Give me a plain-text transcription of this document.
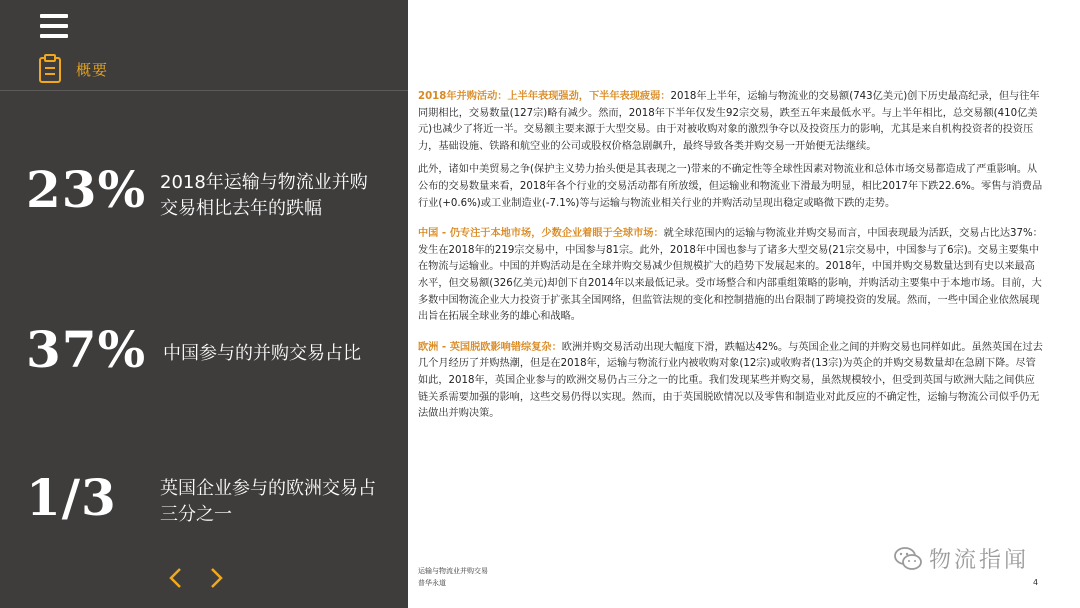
概要
23% 2018年运输与物流业并购
交易相比去年的跌幅
37% 中国参与的并购交易占比
1/3 英国企业参与的欧洲交易占
三分之一

2018年并购活动：上半年表现强劲，下半年表现疲弱：2018年上半年，运输与物流业的交易额(743亿美元)创下历史最高纪录，但与往年同期相比，交易数量(127宗)略有减少。然而，2018年下半年仅发生92宗交易，跌至五年来最低水平。与上半年相比，总交易额(410亿美元)也减少了将近一半。交易额主要来源于大型交易。由于对被收购对象的激烈争夺以及投资压力的影响，尤其是来自机构投资者的投资压力，基础设施、铁路和航空业的公司或股权价格急剧飙升，最终导致各类并购交易一开始便无法继续。

此外，诸如中美贸易之争(保护主义势力抬头便是其表现之一)带来的不确定性等全球性因素对物流业和总体市场交易都造成了严重影响。从公布的交易数量来看，2018年各个行业的交易活动都有所放缓，但运输业和物流业下滑最为明显，相比2017年下跌22.6%。零售与消费品行业(+0.6%)或工业制造业(-7.1%)等与运输与物流业相关行业的并购活动呈现出稳定或略微下跌的走势。

中国 - 仍专注于本地市场，少数企业着眼于全球市场：就全球范围内的运输与物流业并购交易而言，中国表现最为活跃，交易占比达37%：发生在2018年的219宗交易中，中国参与81宗。此外，2018年中国也参与了诸多大型交易(21宗交易中，中国参与了6宗)。交易主要集中在物流与运输业。中国的并购活动是在全球并购交易减少但规模扩大的趋势下发展起来的。2018年，中国并购交易数量达到有史以来最高水平，但交易额(326亿美元)却创下自2014年以来最低记录。受市场整合和内部重组策略的影响，并购活动主要集中于本地市场。目前，大多数中国物流企业大力投资于扩张其全国网络，但监管法规的变化和控制措施的出台限制了跨境投资的发展。然而，一些中国企业依然展现出旨在拓展全球业务的雄心和战略。

欧洲 - 英国脱欧影响错综复杂：欧洲并购交易活动出现大幅度下滑，跌幅达42%。与英国企业之间的并购交易也同样如此。虽然英国在过去几个月经历了并购热潮，但是在2018年，运输与物流行业内被收购对象(12宗)或收购者(13宗)为英企的并购交易数量却在急剧下降。尽管如此，2018年，英国企业参与的欧洲交易仍占三分之一的比重。我们发现某些并购交易，虽然规模较小，但受到英国与欧洲大陆之间供应链关系需要加强的影响，这些交易仍得以实现。然而，由于英国脱欧情况以及零售和制造业对此反应的不确定性，运输与物流公司似乎仍无法做出并购决策。

运输与物流业并购交易
普华永道	4
物流指闻
